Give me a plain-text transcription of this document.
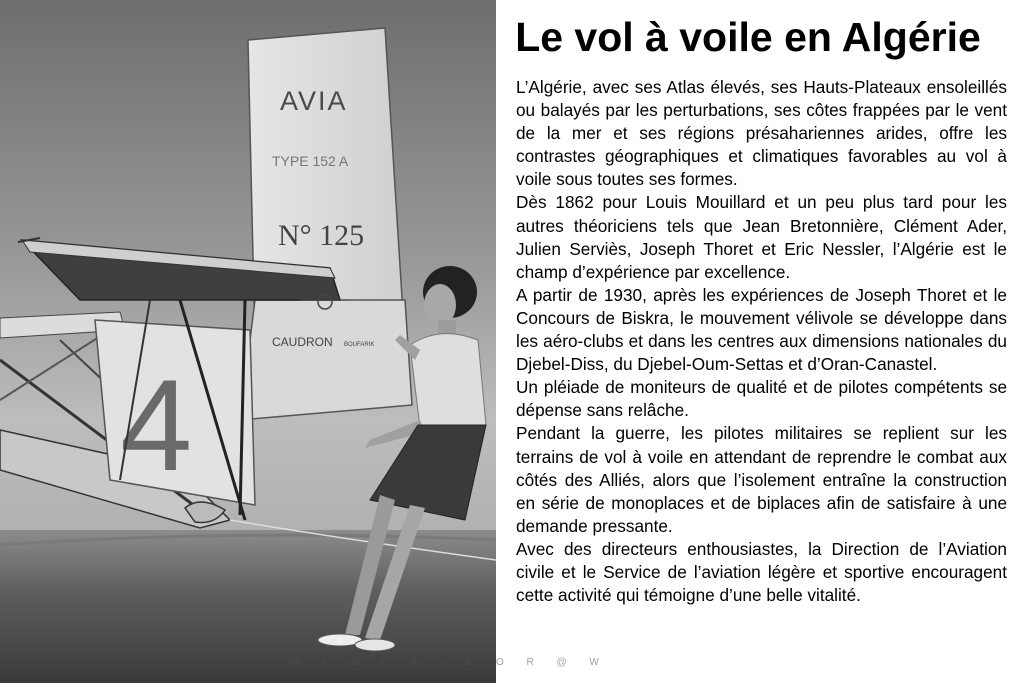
4
AVIA
TYPE 152 A
N° 125
CAUDRON BOUFARIK
Le vol à voile en Algérie

L’Algérie, avec ses Atlas élevés, ses Hauts-Plateaux ensoleillés ou balayés par les perturbations, ses côtes frappées par le vent de la mer et ses régions présahariennes arides, offre les contrastes géographiques et climatiques favorables au vol à voile sous toutes ses formes.

Dès 1862 pour Louis Mouillard et un peu plus tard pour les autres théoriciens tels que Jean Bretonnière, Clément Ader, Julien Serviès, Joseph Thoret et Eric Nessler, l’Algérie est le champ d’expérience par excellence.

A partir de 1930, après les expériences de Joseph Thoret et le Concours de Biskra, le mouvement vélivole se développe dans les aéro-clubs et dans les centres aux dimensions nationales du Djebel-Diss, du Djebel-Oum-Settas et d’Oran-Canastel.

Un pléiade de moniteurs de qualité et de pilotes compétents se dépense sans relâche.

Pendant la guerre, les pilotes militaires se replient sur les terrains de vol à voile en attendant de reprendre le combat aux côtés des Alliés, alors que l’isolement entraîne la construction en série de monoplaces et de biplaces afin de satisfaire à une demande pressante.

Avec des directeurs enthousiastes, la Direction de l’Aviation civile et le Service de l’aviation légère et sportive encouragent cette activité qui témoigne d’une belle vitalité.

@ L G E R I E O R @ W
